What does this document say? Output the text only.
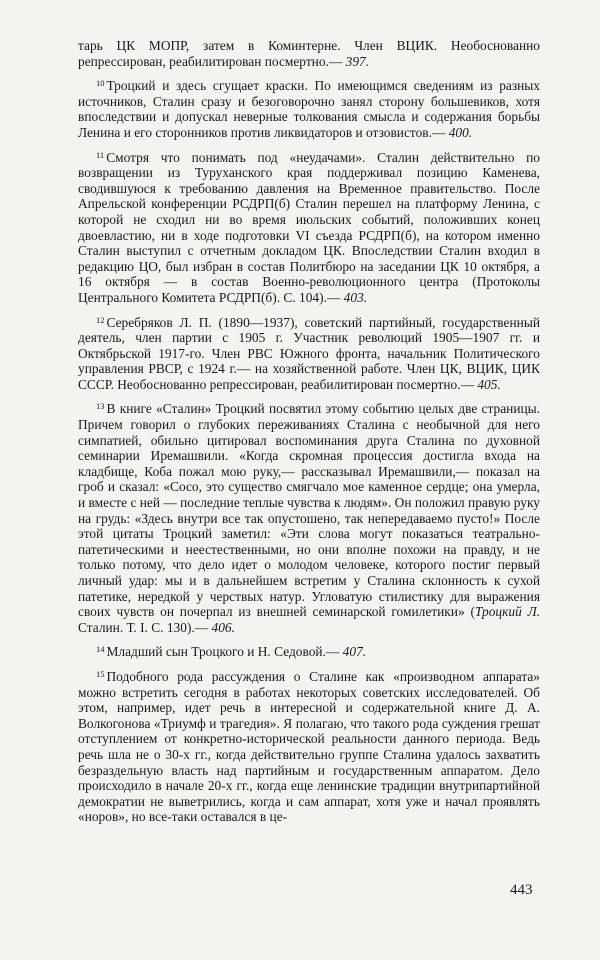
тарь ЦК МОПР, затем в Коминтерне. Член ВЦИК. Необоснованно репрессирован, реабилитирован посмертно.— 397.

$^{10}$ Троцкий и здесь сгущает краски. По имеющимся сведениям из разных источников, Сталин сразу и безоговорочно занял сторону большевиков, хотя впоследствии и допускал неверные толкования смысла и содержания борьбы Ленина и его сторонников против ликвидаторов и отзовистов.— 400.

$^{11}$ Смотря что понимать под «неудачами». Сталин действительно по возвращении из Туруханского края поддерживал позицию Каменева, сводившуюся к требованию давления на Временное правительство. После Апрельской конференции РСДРП(б) Сталин перешел на платформу Ленина, с которой не сходил ни во время июльских событий, положивших конец двоевластию, ни в ходе подготовки VI съезда РСДРП(б), на котором именно Сталин выступил с отчетным докладом ЦК. Впоследствии Сталин входил в редакцию ЦО, был избран в состав Политбюро на заседании ЦК 10 октября, а 16 октября — в состав Военно-революционного центра (Протоколы Центрального Комитета РСДРП(б). С. 104).— 403.

$^{12}$ Серебряков Л. П. (1890—1937), советский партийный, государственный деятель, член партии с 1905 г. Участник революций 1905—1907 гг. и Октябрьской 1917-го. Член РВС Южного фронта, начальник Политического управления РВСР, с 1924 г.— на хозяйственной работе. Член ЦК, ВЦИК, ЦИК СССР. Необоснованно репрессирован, реабилитирован посмертно.— 405.

$^{13}$ В книге «Сталин» Троцкий посвятил этому событию целых две страницы. Причем говорил о глубоких переживаниях Сталина с необычной для него симпатией, обильно цитировал воспоминания друга Сталина по духовной семинарии Иремашвили. «Когда скромная процессия достигла входа на кладбище, Коба пожал мою руку,— рассказывал Иремашвили,— показал на гроб и сказал: «Сосо, это существо смягчало мое каменное сердце; она умерла, и вместе с ней — последние теплые чувства к людям». Он положил правую руку на грудь: «Здесь внутри все так опустошено, так непередаваемо пусто!» После этой цитаты Троцкий заметил: «Эти слова могут показаться театрально-патетическими и неестественными, но они вполне похожи на правду, и не только потому, что дело идет о молодом человеке, которого постиг первый личный удар: мы и в дальнейшем встретим у Сталина склонность к сухой патетике, нередкой у черствых натур. Угловатую стилистику для выражения своих чувств он почерпал из внешней семинарской гомилетики» (Троцкий Л. Сталин. Т. I. С. 130).— 406.

$^{14}$ Младший сын Троцкого и Н. Седовой.— 407.

$^{15}$ Подобного рода рассуждения о Сталине как «производном аппарата» можно встретить сегодня в работах некоторых советских исследователей. Об этом, например, идет речь в интересной и содержательной книге Д. А. Волкогонова «Триумф и трагедия». Я полагаю, что такого рода суждения грешат отступлением от конкретно-исторической реальности данного периода. Ведь речь шла не о 30-х гг., когда действительно группе Сталина удалось захватить безраздельную власть над партийным и государственным аппаратом. Дело происходило в начале 20-х гг., когда еще ленинские традиции внутрипартийной демократии не выветрились, когда и сам аппарат, хотя уже и начал проявлять «норов», но все-таки оставался в це-

443
